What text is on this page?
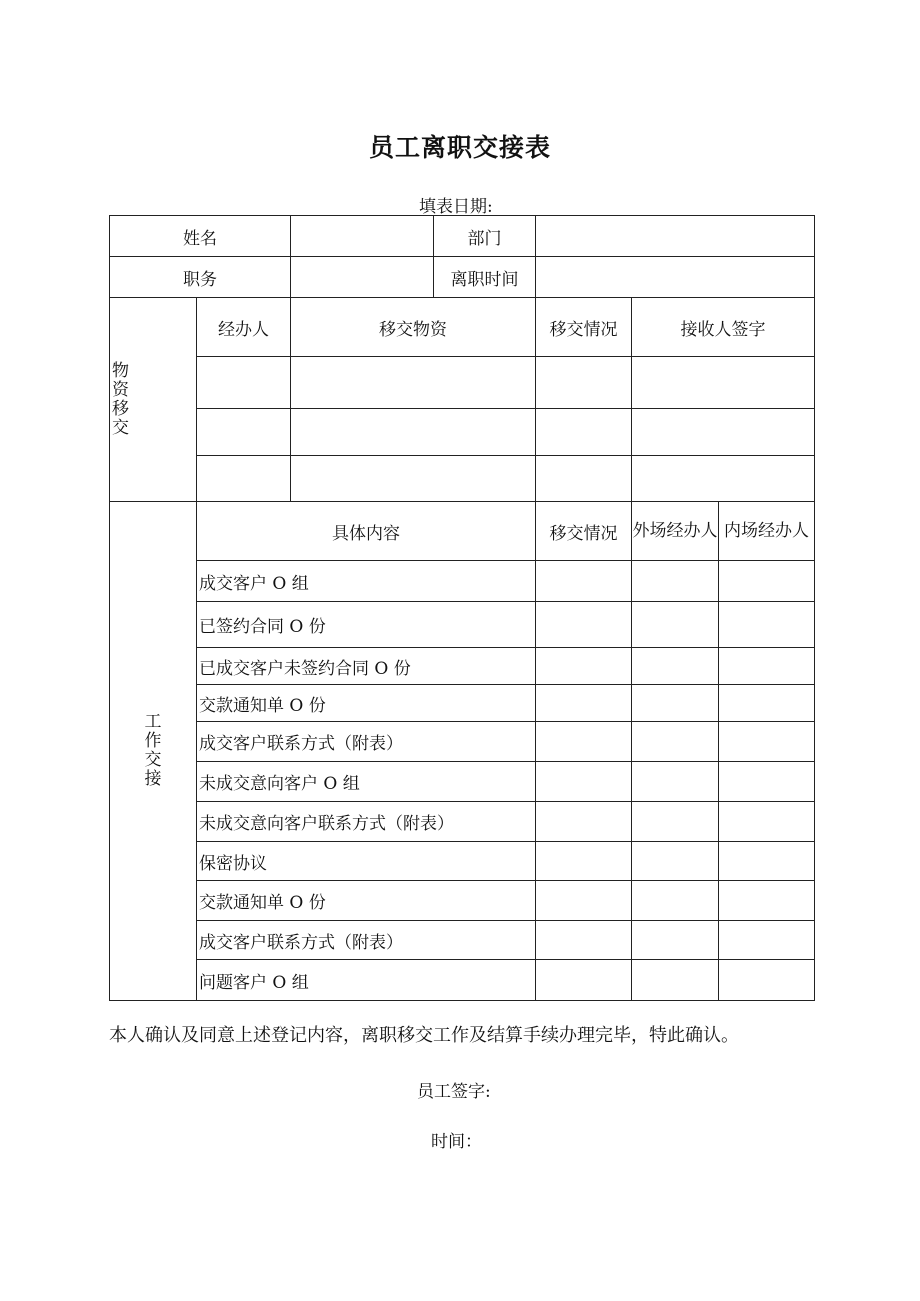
员工离职交接表
填表日期:
姓名			部门			
职务			离职时间			
物资移交	经办人	移交物资		移交情况	接收人签字	

工作交接	具体内容			移交情况	外场经办人	内场经办人
	成交客户 O 组					
	已签约合同 O 份					
	已成交客户未签约合同 O 份					
	交款通知单 O 份					
	成交客户联系方式（附表）					
	未成交意向客户 O 组					
	未成交意向客户联系方式（附表）					
	保密协议					
	交款通知单 O 份					
	成交客户联系方式（附表）					
	问题客户 O 组					
本人确认及同意上述登记内容，离职移交工作及结算手续办理完毕，特此确认。
员工签字:
时间：
